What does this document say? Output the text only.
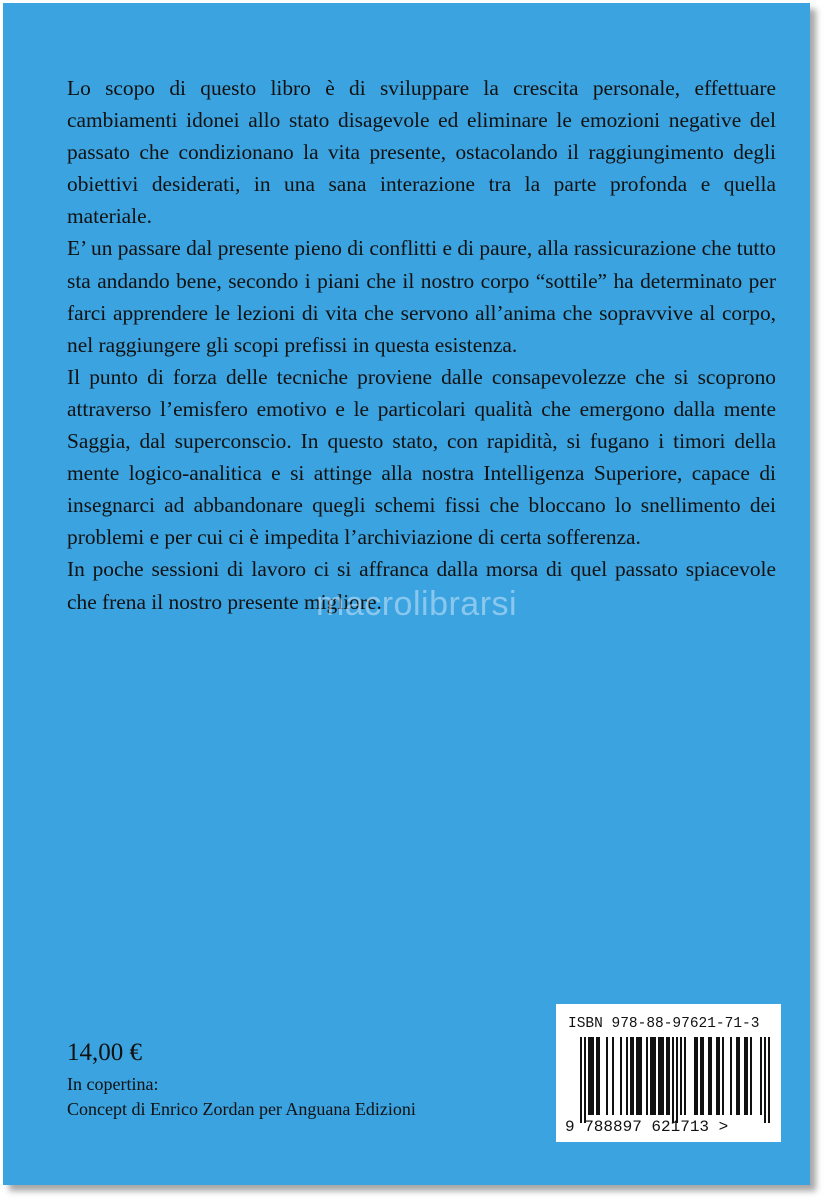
Lo scopo di questo libro è di sviluppare la crescita personale, effettuare cambiamenti idonei allo stato disagevole ed eliminare le emozioni negative del passato che condizionano la vita presente, ostacolando il raggiungimento degli obiettivi desiderati, in una sana interazione tra la parte profonda e quella materiale.

E’ un passare dal presente pieno di conflitti e di paure, alla rassicurazione che tutto sta andando bene, secondo i piani che il nostro corpo “sottile” ha determinato per farci apprendere le lezioni di vita che servono all’anima che sopravvive al corpo, nel raggiungere gli scopi prefissi in questa esistenza.

Il punto di forza delle tecniche proviene dalle consapevolezze che si scoprono attraverso l’emisfero emotivo e le particolari qualità che emergono dalla mente Saggia, dal superconscio. In questo stato, con rapidità, si fugano i timori della mente logico-analitica e si attinge alla nostra Intelligenza Superiore, capace di insegnarci ad abbandonare quegli schemi fissi che bloccano lo snellimento dei problemi e per cui ci è impedita l’archiviazione di certa sofferenza.

In poche sessioni di lavoro ci si affranca dalla morsa di quel passato spiacevole che frena il nostro presente migliore.

macrolibrarsi
14,00 €
In copertina:
Concept di Enrico Zordan per Anguana Edizioni
ISBN 978-88-97621-71-3
9 788897 621713 >
